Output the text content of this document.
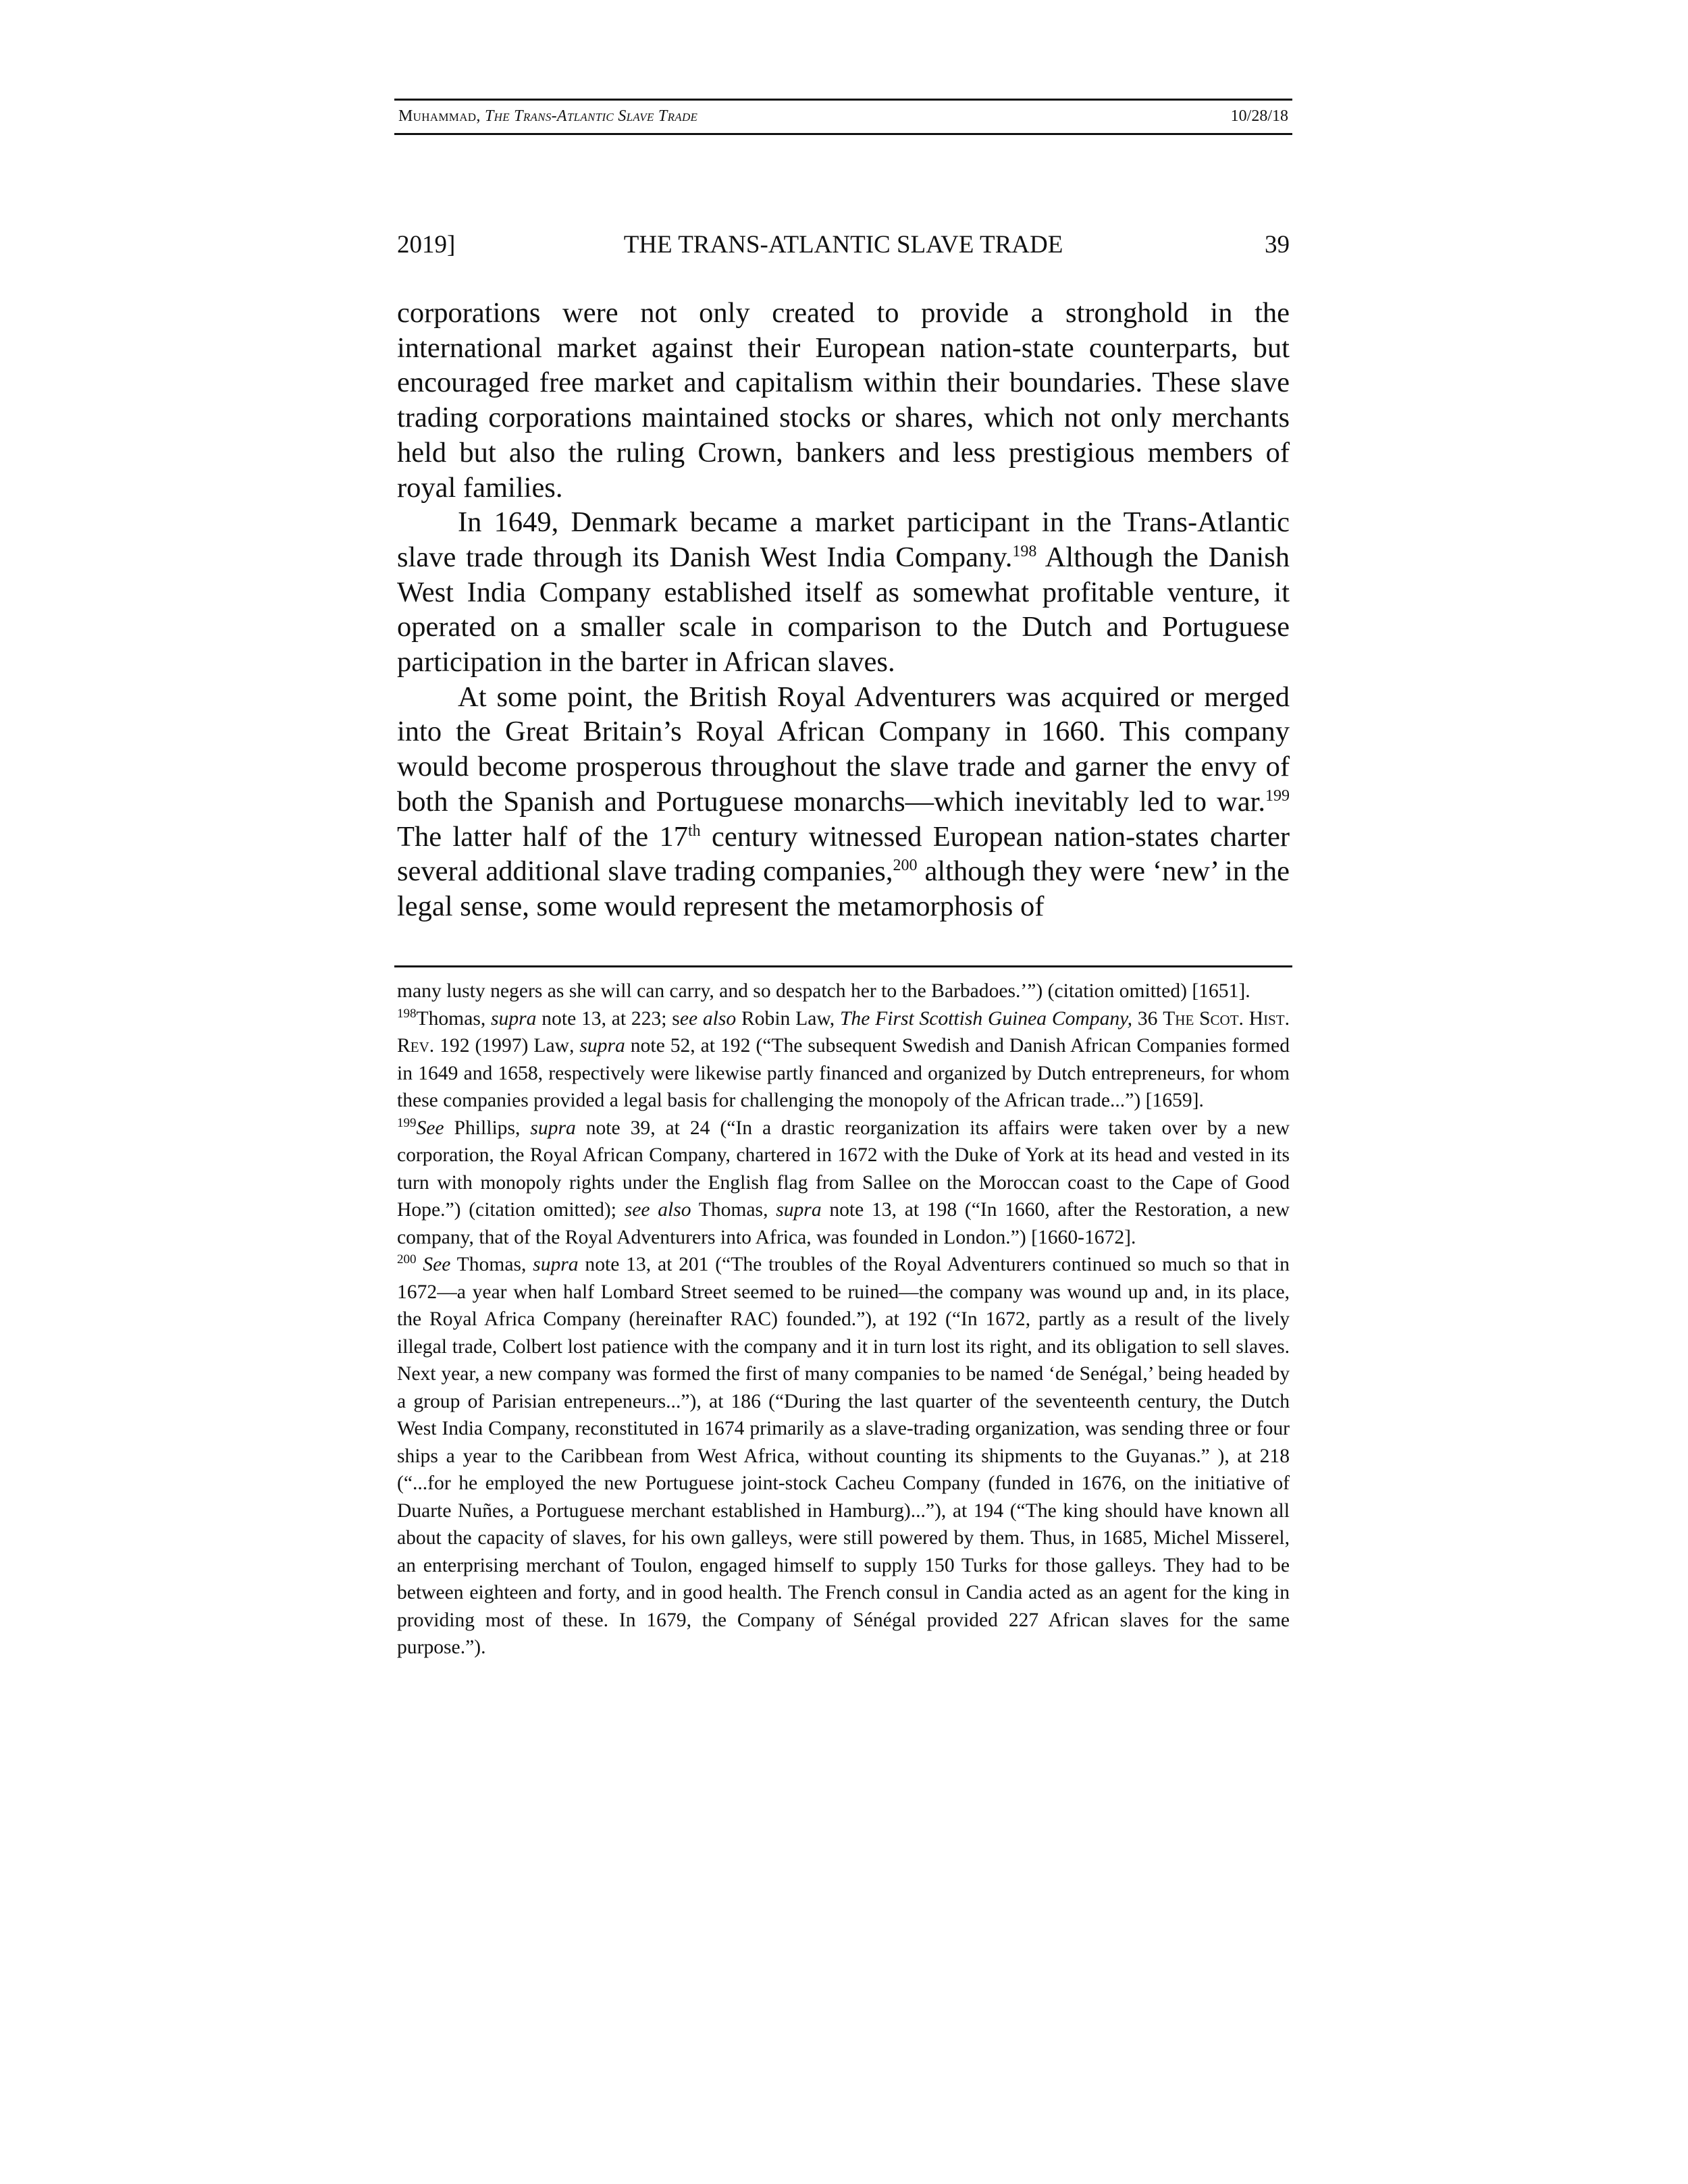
Muhammad, The Trans-Atlantic Slave Trade	10/28/18
2019]	THE TRANS-ATLANTIC SLAVE TRADE	39

corporations were not only created to provide a stronghold in the international market against their European nation-state counterparts, but encouraged free market and capitalism within their boundaries. These slave trading corporations maintained stocks or shares, which not only merchants held but also the ruling Crown, bankers and less prestigious members of royal families.

In 1649, Denmark became a market participant in the Trans-Atlantic slave trade through its Danish West India Company.$^{198}$ Although the Danish West India Company established itself as somewhat profitable venture, it operated on a smaller scale in comparison to the Dutch and Portuguese participation in the barter in African slaves.

At some point, the British Royal Adventurers was acquired or merged into the Great Britain’s Royal African Company in 1660. This company would become prosperous throughout the slave trade and garner the envy of both the Spanish and Portuguese monarchs—which inevitably led to war.$^{199}$ The latter half of the 17th century witnessed European nation-states charter several additional slave trading companies,$^{200}$ although they were ‘new’ in the legal sense, some would represent the metamorphosis of

many lusty negers as she will can carry, and so despatch her to the Barbadoes.’”) (citation omitted) [1651].

$^{198}$Thomas, supra note 13, at 223; see also Robin Law, The First Scottish Guinea Company, 36 The Scot. Hist. Rev. 192 (1997) Law, supra note 52, at 192 (“The subsequent Swedish and Danish African Companies formed in 1649 and 1658, respectively were likewise partly financed and organized by Dutch entrepreneurs, for whom these companies provided a legal basis for challenging the monopoly of the African trade...”) [1659].

$^{199}$See Phillips, supra note 39, at 24 (“In a drastic reorganization its affairs were taken over by a new corporation, the Royal African Company, chartered in 1672 with the Duke of York at its head and vested in its turn with monopoly rights under the English flag from Sallee on the Moroccan coast to the Cape of Good Hope.”) (citation omitted); see also Thomas, supra note 13, at 198 (“In 1660, after the Restoration, a new company, that of the Royal Adventurers into Africa, was founded in London.”) [1660-1672].

$^{200}$ See Thomas, supra note 13, at 201 (“The troubles of the Royal Adventurers continued so much so that in 1672—a year when half Lombard Street seemed to be ruined—the company was wound up and, in its place, the Royal Africa Company (hereinafter RAC) founded.”), at 192 (“In 1672, partly as a result of the lively illegal trade, Colbert lost patience with the company and it in turn lost its right, and its obligation to sell slaves. Next year, a new company was formed the first of many companies to be named ‘de Senégal,’ being headed by a group of Parisian entrepeneurs...”), at 186 (“During the last quarter of the seventeenth century, the Dutch West India Company, reconstituted in 1674 primarily as a slave-trading organization, was sending three or four ships a year to the Caribbean from West Africa, without counting its shipments to the Guyanas.” ), at 218 (“...for he employed the new Portuguese joint-stock Cacheu Company (funded in 1676, on the initiative of Duarte Nuñes, a Portuguese merchant established in Hamburg)...”), at 194 (“The king should have known all about the capacity of slaves, for his own galleys, were still powered by them. Thus, in 1685, Michel Misserel, an enterprising merchant of Toulon, engaged himself to supply 150 Turks for those galleys. They had to be between eighteen and forty, and in good health. The French consul in Candia acted as an agent for the king in providing most of these. In 1679, the Company of Sénégal provided 227 African slaves for the same purpose.”).
